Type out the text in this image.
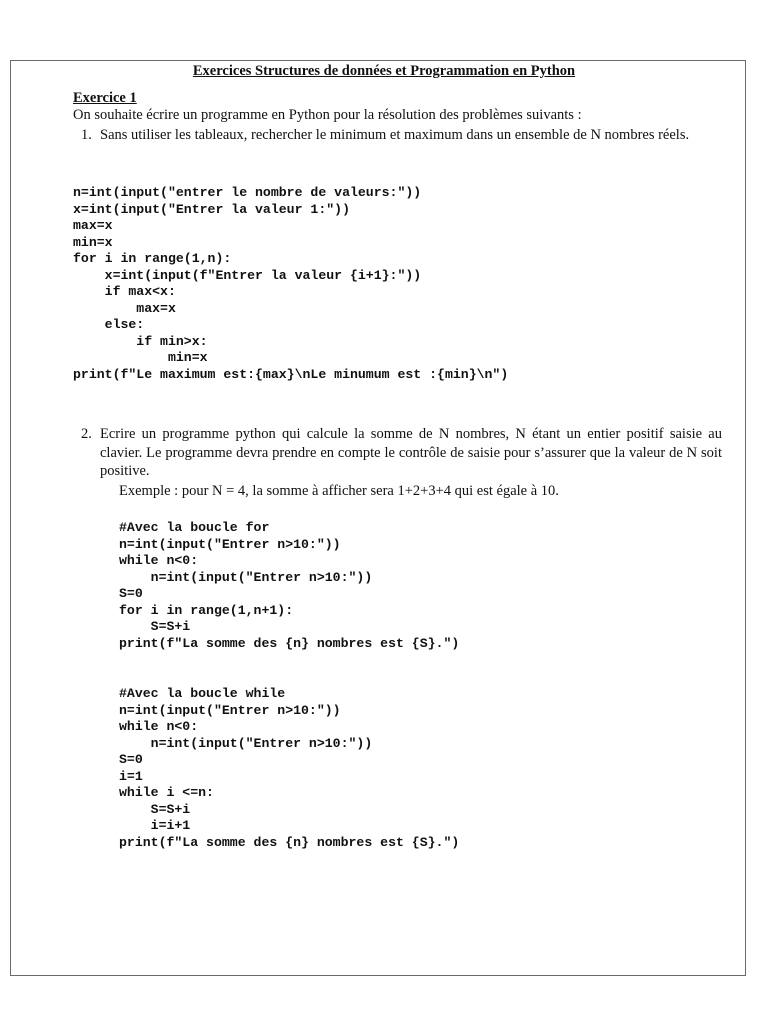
Exercices Structures de données et Programmation en Python
Exercice 1
On souhaite écrire un programme en Python pour la résolution des problèmes suivants :
1. Sans utiliser les tableaux, rechercher le minimum et maximum dans un ensemble de N nombres réels.
n=int(input("entrer le nombre de valeurs:"))
x=int(input("Entrer la valeur 1:"))
max=x
min=x
for i in range(1,n):
x=int(input(f"Entrer la valeur {i+1}:"))
if max<x:
max=x
else:
if min>x:
min=x
print(f"Le maximum est:{max}\nLe minumum est :{min}\n")
2. Ecrire un programme python qui calcule la somme de N nombres, N étant un entier positif saisie au clavier. Le programme devra prendre en compte le contrôle de saisie pour s’assurer que la valeur de N soit positive.
Exemple : pour N = 4, la somme à afficher sera 1+2+3+4 qui est égale à 10.
#Avec la boucle for
n=int(input("Entrer n>10:"))
while n<0:
n=int(input("Entrer n>10:"))
S=0
for i in range(1,n+1):
S=S+i
print(f"La somme des {n} nombres est {S}.")
#Avec la boucle while
n=int(input("Entrer n>10:"))
while n<0:
n=int(input("Entrer n>10:"))
S=0
i=1
while i <=n:
S=S+i
i=i+1
print(f"La somme des {n} nombres est {S}.")
